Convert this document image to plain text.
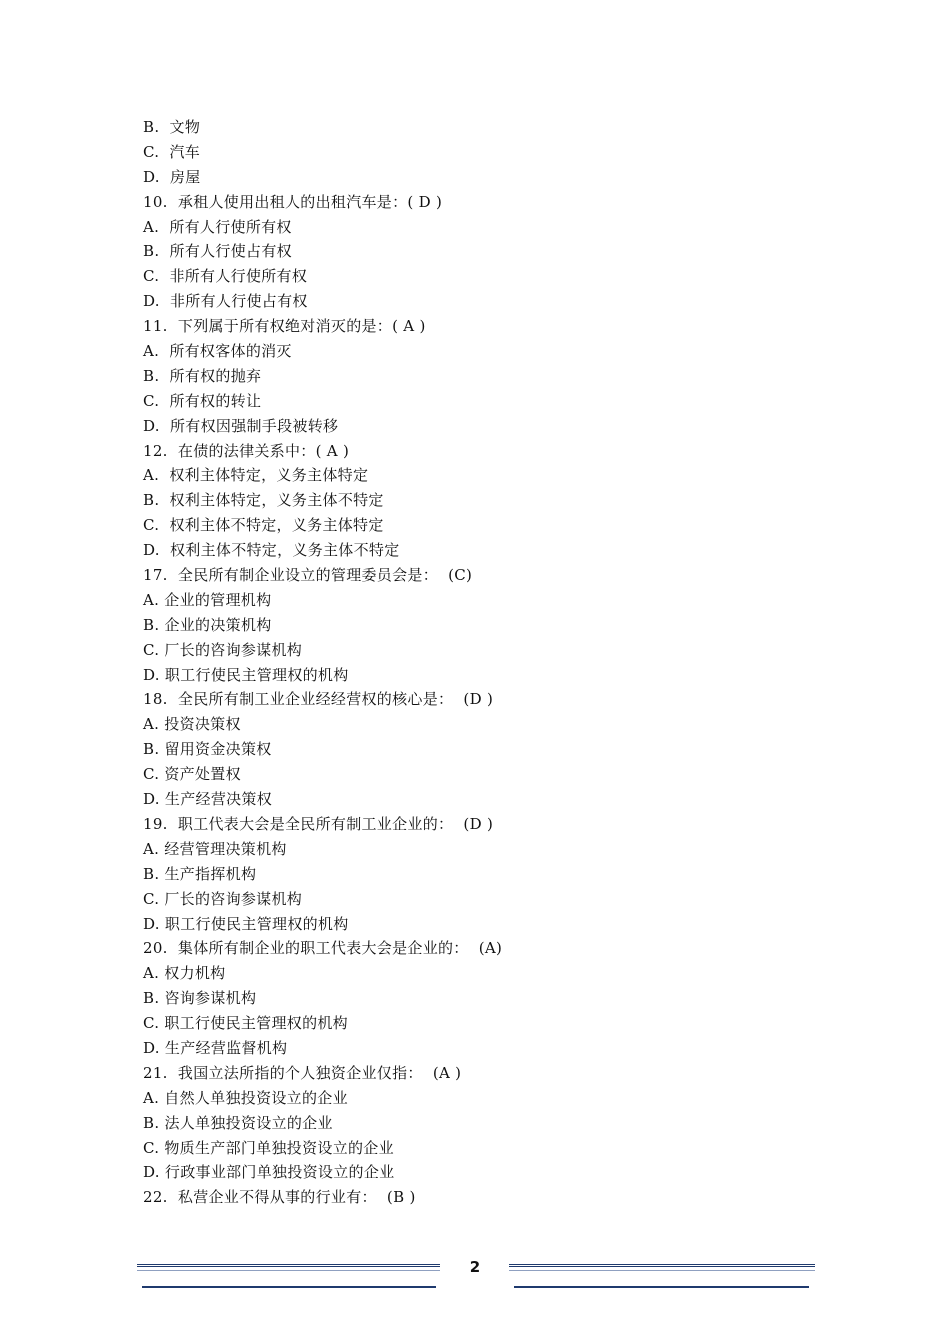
B.  文物
C.  汽车
D.  房屋
10.  承租人使用出租人的出租汽车是：( D )
A.  所有人行使所有权
B.  所有人行使占有权
C.  非所有人行使所有权
D.  非所有人行使占有权
11.  下列属于所有权绝对消灭的是：( A )
A.  所有权客体的消灭
B.  所有权的抛弃
C.  所有权的转让
D.  所有权因强制手段被转移
12.  在债的法律关系中：( A )
A.  权利主体特定，义务主体特定
B.  权利主体特定，义务主体不特定
C.  权利主体不特定，义务主体特定
D.  权利主体不特定，义务主体不特定
17.  全民所有制企业设立的管理委员会是：  (C)
A. 企业的管理机构
B. 企业的决策机构
C. 厂长的咨询参谋机构
D. 职工行使民主管理权的机构
18.  全民所有制工业企业经经营权的核心是：  (D )
A. 投资决策权
B. 留用资金决策权
C. 资产处置权
D. 生产经营决策权
19.  职工代表大会是全民所有制工业企业的：  (D )
A. 经营管理决策机构
B. 生产指挥机构
C. 厂长的咨询参谋机构
D. 职工行使民主管理权的机构
20.  集体所有制企业的职工代表大会是企业的：  (A)
A. 权力机构
B. 咨询参谋机构
C. 职工行使民主管理权的机构
D. 生产经营监督机构
21.  我国立法所指的个人独资企业仅指：  (A )
A. 自然人单独投资设立的企业
B. 法人单独投资设立的企业
C. 物质生产部门单独投资设立的企业
D. 行政事业部门单独投资设立的企业
22.  私营企业不得从事的行业有：  (B )
2　
